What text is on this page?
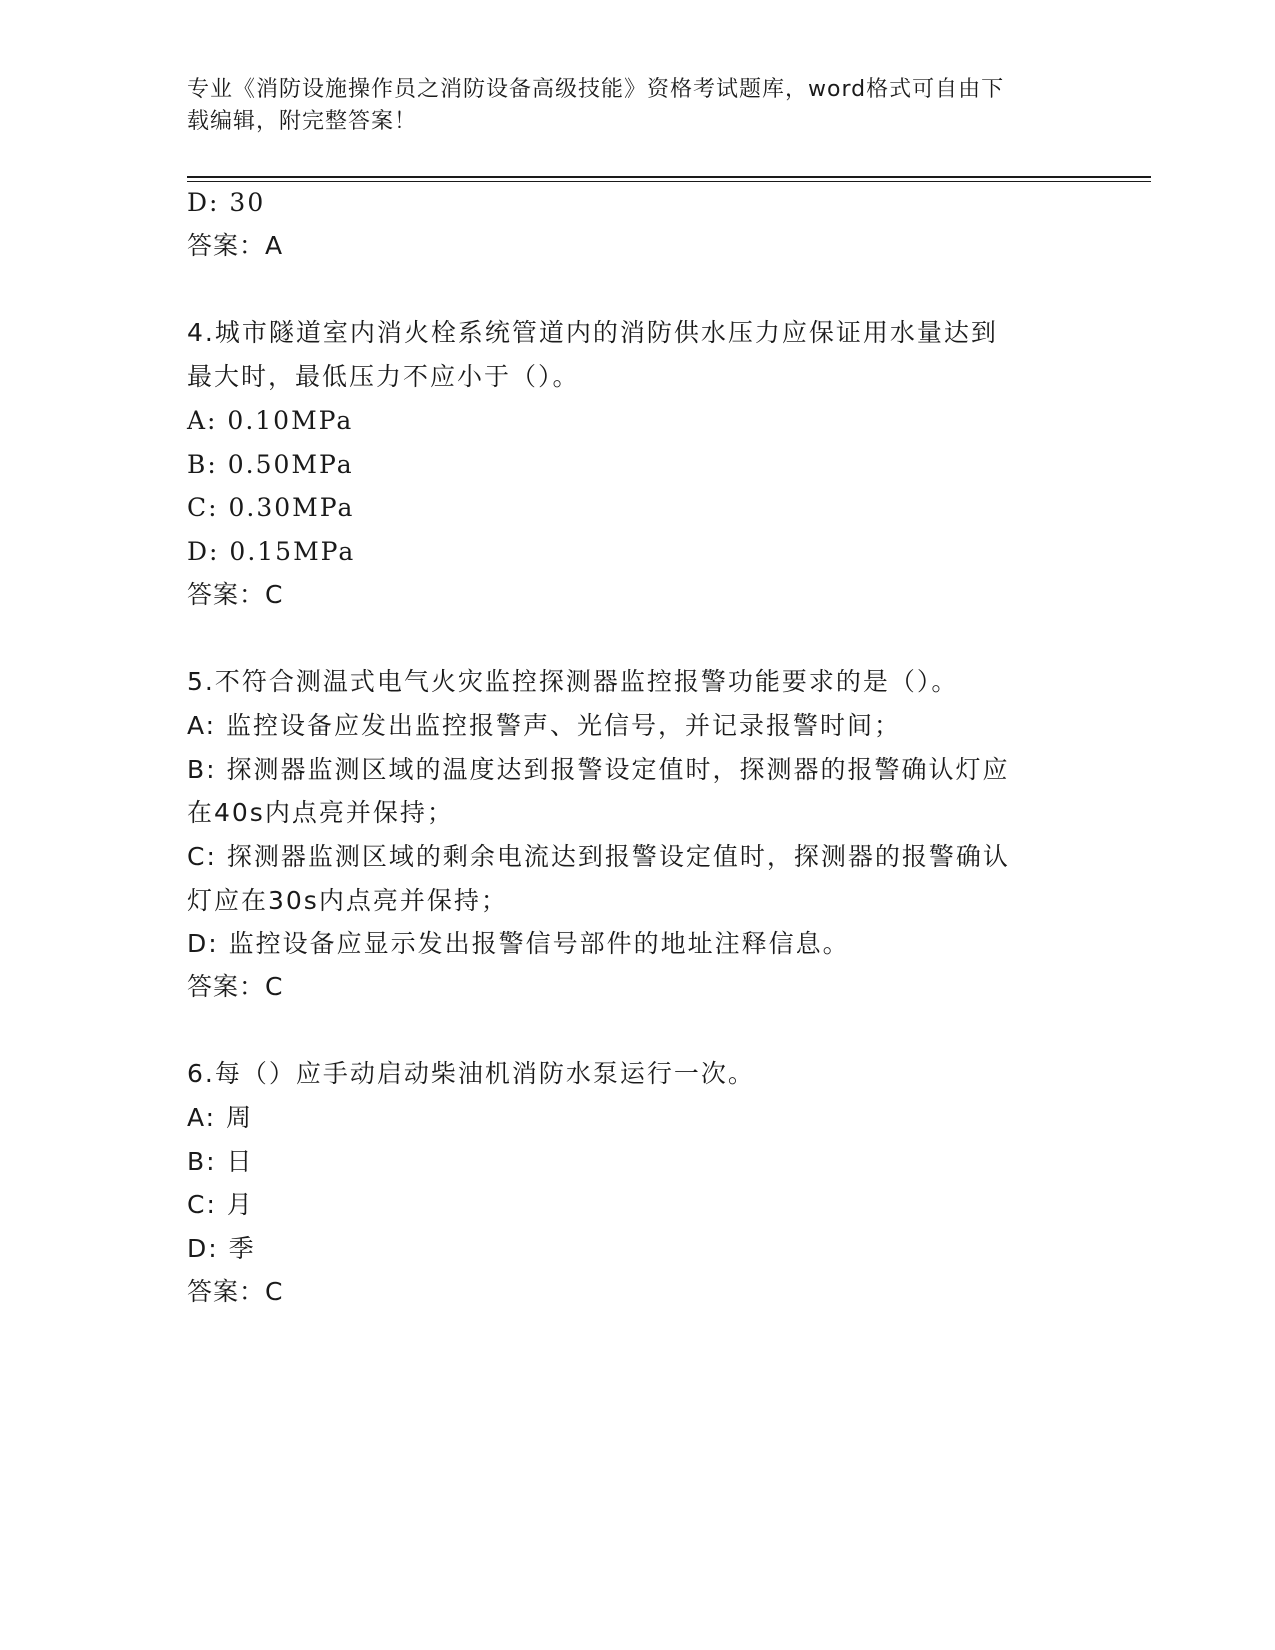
专业《消防设施操作员之消防设备高级技能》资格考试题库，word格式可自由下
载编辑，附完整答案！
D: 30
答案：A
4.城市隧道室内消火栓系统管道内的消防供水压力应保证用水量达到
最大时，最低压力不应小于（）。
A: 0.10MPa
B: 0.50MPa
C: 0.30MPa
D: 0.15MPa
答案：C
5.不符合测温式电气火灾监控探测器监控报警功能要求的是（）。
A: 监控设备应发出监控报警声、光信号，并记录报警时间；
B: 探测器监测区域的温度达到报警设定值时，探测器的报警确认灯应
在40s内点亮并保持；
C: 探测器监测区域的剩余电流达到报警设定值时，探测器的报警确认
灯应在30s内点亮并保持；
D: 监控设备应显示发出报警信号部件的地址注释信息。
答案：C
6.每（）应手动启动柴油机消防水泵运行一次。
A: 周
B: 日
C: 月
D: 季
答案：C
